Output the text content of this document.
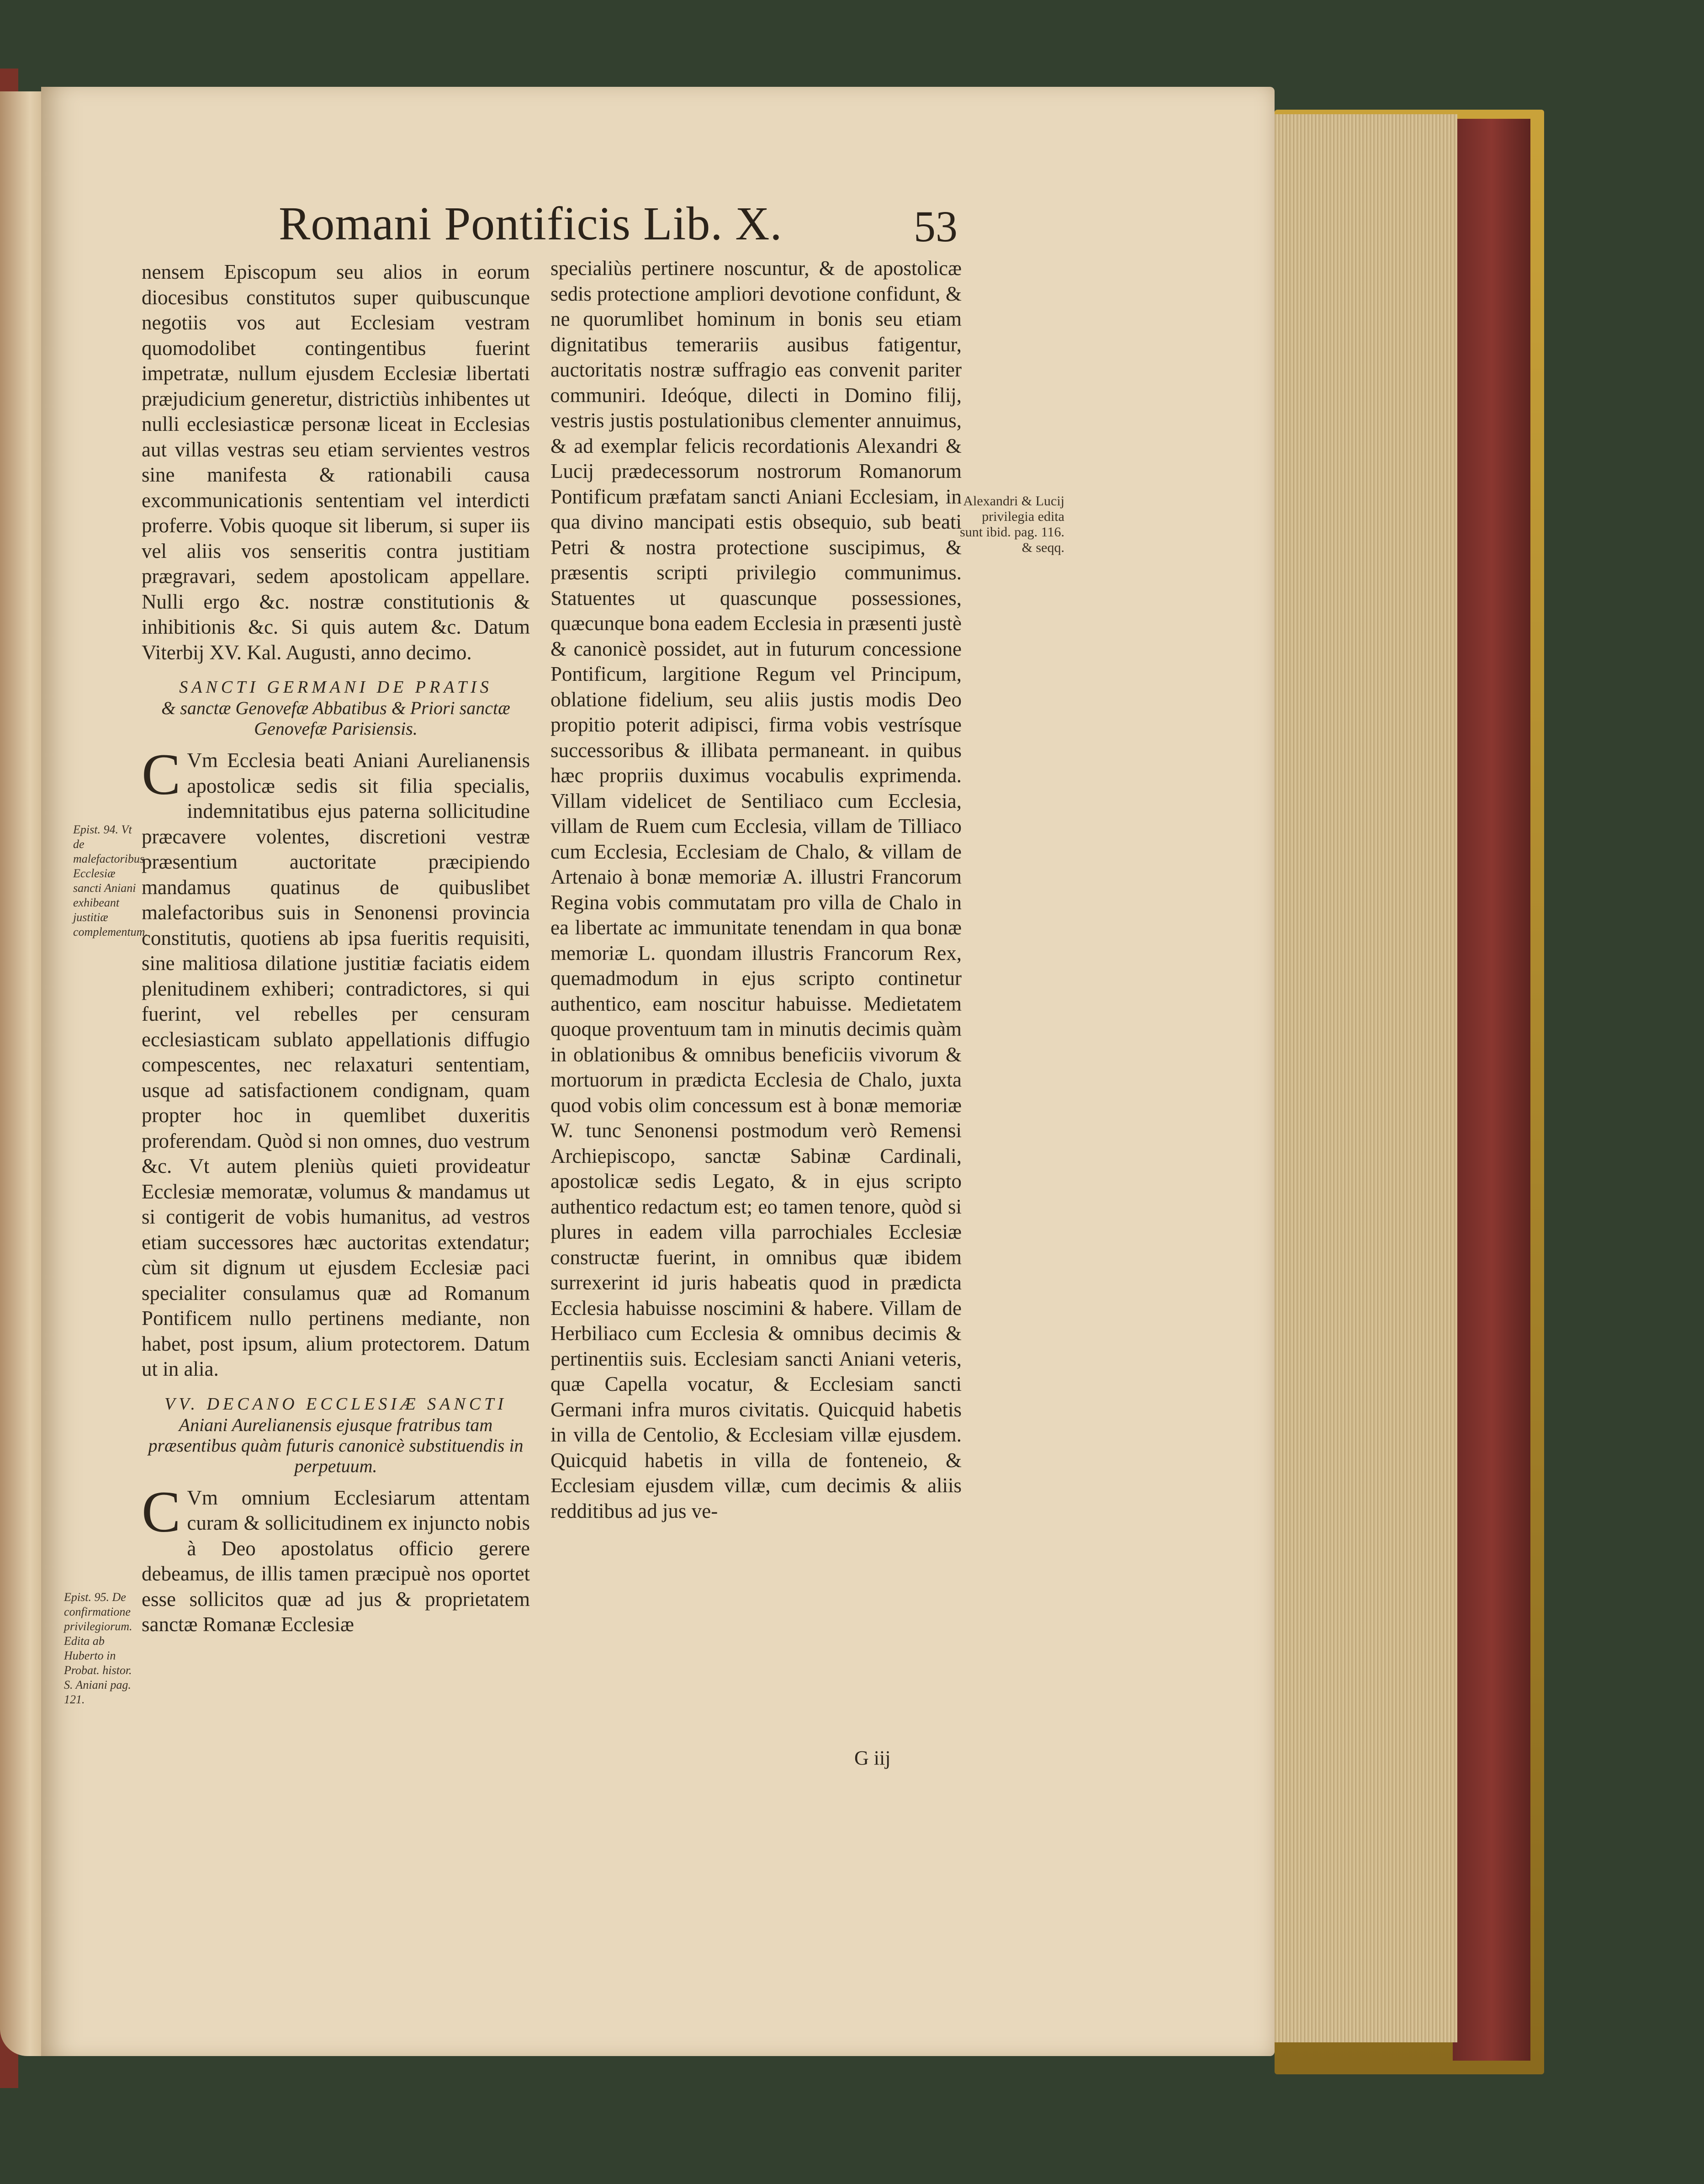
Romani Pontificis Lib. X.	53

nensem Episcopum seu alios in eorum diocesibus constitutos super quibuscunque negotiis vos aut Ecclesiam vestram quomodolibet contingentibus fuerint impetratæ, nullum ejusdem Ecclesiæ libertati præjudicium generetur, districtiùs inhibentes ut nulli ecclesiasticæ personæ liceat in Ecclesias aut villas vestras seu etiam servientes vestros sine manifesta & rationabili causa excommunicationis sententiam vel interdicti proferre. Vobis quoque sit liberum, si super iis vel aliis vos senseritis contra justitiam prægravari, sedem apostolicam appellare. Nulli ergo &c. nostræ constitutionis & inhibitionis &c. Si quis autem &c. Datum Viterbij XV. Kal. Augusti, anno decimo.

SANCTI GERMANI DE PRATIS
& sanctæ Genovefæ Abbatibus & Priori sanctæ Genovefæ Parisiensis.

C Vm Ecclesia beati Aniani Aurelianensis apostolicæ sedis sit filia specialis, indemnitatibus ejus paterna sollicitudine præcavere volentes, discretioni vestræ præsentium auctoritate præcipiendo mandamus quatinus de quibuslibet malefactoribus suis in Senonensi provincia constitutis, quotiens ab ipsa fueritis requisiti, sine malitiosa dilatione justitiæ faciatis eidem plenitudinem exhiberi; contradictores, si qui fuerint, vel rebelles per censuram ecclesiasticam sublato appellationis diffugio compescentes, nec relaxaturi sententiam, usque ad satisfactionem condignam, quam propter hoc in quemlibet duxeritis proferendam. Quòd si non omnes, duo vestrum &c. Vt autem pleniùs quieti provideatur Ecclesiæ memoratæ, volumus & mandamus ut si contigerit de vobis humanitus, ad vestros etiam successores hæc auctoritas extendatur; cùm sit dignum ut ejusdem Ecclesiæ paci specialiter consulamus quæ ad Romanum Pontificem nullo pertinens mediante, non habet, post ipsum, alium protectorem. Datum ut in alia.

VV. DECANO ECCLESIÆ SANCTI
Aniani Aurelianensis ejusque fratribus tam præsentibus quàm futuris canonicè substituendis in perpetuum.

C Vm omnium Ecclesiarum attentam curam & sollicitudinem ex injuncto nobis à Deo apostolatus officio gerere debeamus, de illis tamen præcipuè nos oportet esse sollicitos quæ ad jus & proprietatem sanctæ Romanæ Ecclesiæ

specialiùs pertinere noscuntur, & de apostolicæ sedis protectione ampliori devotione confidunt, & ne quorumlibet hominum in bonis seu etiam dignitatibus temerariis ausibus fatigentur, auctoritatis nostræ suffragio eas convenit pariter communiri. Ideóque, dilecti in Domino filij, vestris justis postulationibus clementer annuimus, & ad exemplar felicis recordationis Alexandri & Lucij prædecessorum nostrorum Romanorum Pontificum præfatam sancti Aniani Ecclesiam, in qua divino mancipati estis obsequio, sub beati Petri & nostra protectione suscipimus, & præsentis scripti privilegio communimus. Statuentes ut quascunque possessiones, quæcunque bona eadem Ecclesia in præsenti justè & canonicè possidet, aut in futurum concessione Pontificum, largitione Regum vel Principum, oblatione fidelium, seu aliis justis modis Deo propitio poterit adipisci, firma vobis vestrísque successoribus & illibata permaneant. in quibus hæc propriis duximus vocabulis exprimenda. Villam videlicet de Sentiliaco cum Ecclesia, villam de Ruem cum Ecclesia, villam de Tilliaco cum Ecclesia, Ecclesiam de Chalo, & villam de Artenaio à bonæ memoriæ A. illustri Francorum Regina vobis commutatam pro villa de Chalo in ea libertate ac immunitate tenendam in qua bonæ memoriæ L. quondam illustris Francorum Rex, quemadmodum in ejus scripto continetur authentico, eam noscitur habuisse. Medietatem quoque proventuum tam in minutis decimis quàm in oblationibus & omnibus beneficiis vivorum & mortuorum in prædicta Ecclesia de Chalo, juxta quod vobis olim concessum est à bonæ memoriæ W. tunc Senonensi postmodum verò Remensi Archiepiscopo, sanctæ Sabinæ Cardinali, apostolicæ sedis Legato, & in ejus scripto authentico redactum est; eo tamen tenore, quòd si plures in eadem villa parrochiales Ecclesiæ constructæ fuerint, in omnibus quæ ibidem surrexerint id juris habeatis quod in prædicta Ecclesia habuisse noscimini & habere. Villam de Herbiliaco cum Ecclesia & omnibus decimis & pertinentiis suis. Ecclesiam sancti Aniani veteris, quæ Capella vocatur, & Ecclesiam sancti Germani infra muros civitatis. Quicquid habetis in villa de Centolio, & Ecclesiam villæ ejusdem. Quicquid habetis in villa de fonteneio, & Ecclesiam ejusdem villæ, cum decimis & aliis redditibus ad jus ve-

Epist. 94. Vt de malefactoribus Ecclesiæ sancti Aniani exhibeant justitiæ complementum.
Epist. 95. De confirmatione privilegiorum. Edita ab Huberto in Probat. histor. S. Aniani pag. 121.
Alexandri & Lucij privilegia edita sunt ibid. pag. 116. & seqq.
G iij
